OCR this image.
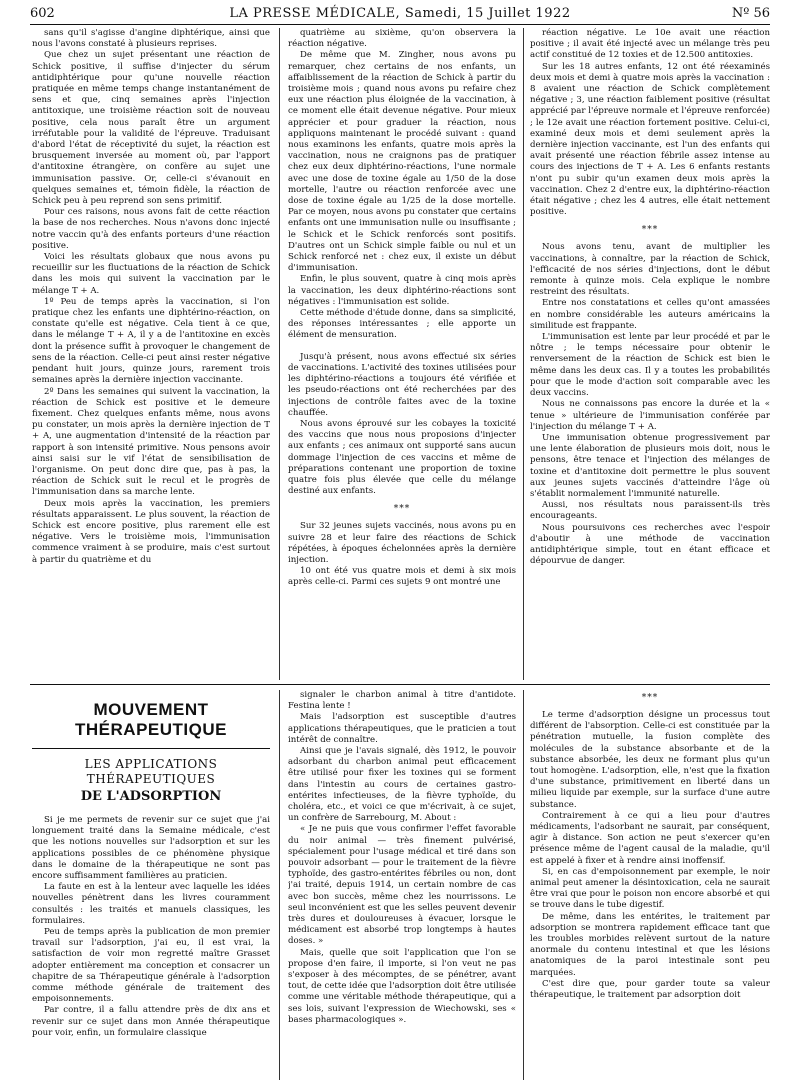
602	LA PRESSE MÉDICALE, Samedi, 15 Juillet 1922	Nº 56

sans qu'il s'agisse d'angine diphtérique, ainsi que nous l'avons constaté à plusieurs reprises.

Que chez un sujet présentant une réaction de Schick positive, il suffise d'injecter du sérum antidiphtérique pour qu'une nouvelle réaction pratiquée en même temps change instantanément de sens et que, cinq semaines après l'injection antitoxique, une troisième réaction soit de nouveau positive, cela nous paraît être un argument irréfutable pour la validité de l'épreuve. Traduisant d'abord l'état de réceptivité du sujet, la réaction est brusquement inversée au moment où, par l'apport d'antitoxine étrangère, on confère au sujet une immunisation passive. Or, celle-ci s'évanouit en quelques semaines et, témoin fidèle, la réaction de Schick peu à peu reprend son sens primitif.

Pour ces raisons, nous avons fait de cette réaction la base de nos recherches. Nous n'avons donc injecté notre vaccin qu'à des enfants porteurs d'une réaction positive.

Voici les résultats globaux que nous avons pu recueillir sur les fluctuations de la réaction de Schick dans les mois qui suivent la vaccination par le mélange T + A.

1º Peu de temps après la vaccination, si l'on pratique chez les enfants une diphtérino-réaction, on constate qu'elle est négative. Cela tient à ce que, dans le mélange T + A, il y a de l'antitoxine en excès dont la présence suffit à provoquer le changement de sens de la réaction. Celle-ci peut ainsi rester négative pendant huit jours, quinze jours, rarement trois semaines après la dernière injection vaccinante.

2º Dans les semaines qui suivent la vaccination, la réaction de Schick est positive et le demeure fixement. Chez quelques enfants même, nous avons pu constater, un mois après la dernière injection de T + A, une augmentation d'intensité de la réaction par rapport à son intensité primitive. Nous pensons avoir ainsi saisi sur le vif l'état de sensibilisation de l'organisme. On peut donc dire que, pas à pas, la réaction de Schick suit le recul et le progrès de l'immunisation dans sa marche lente.

Deux mois après la vaccination, les premiers résultats apparaissent. Le plus souvent, la réaction de Schick est encore positive, plus rarement elle est négative. Vers le troisième mois, l'immunisation commence vraiment à se produire, mais c'est surtout à partir du quatrième et du

quatrième au sixième, qu'on observera la réaction négative.

De même que M. Zingher, nous avons pu remarquer, chez certains de nos enfants, un affaiblissement de la réaction de Schick à partir du troisième mois ; quand nous avons pu refaire chez eux une réaction plus éloignée de la vaccination, à ce moment elle était devenue négative. Pour mieux apprécier et pour graduer la réaction, nous appliquons maintenant le procédé suivant : quand nous examinons les enfants, quatre mois après la vaccination, nous ne craignons pas de pratiquer chez eux deux diphtérino-réactions, l'une normale avec une dose de toxine égale au 1/50 de la dose mortelle, l'autre ou réaction renforcée avec une dose de toxine égale au 1/25 de la dose mortelle. Par ce moyen, nous avons pu constater que certains enfants ont une immunisation nulle ou insuffisante ; le Schick et le Schick renforcés sont positifs. D'autres ont un Schick simple faible ou nul et un Schick renforcé net : chez eux, il existe un début d'immunisation.

Enfin, le plus souvent, quatre à cinq mois après la vaccination, les deux diphtérino-réactions sont négatives : l'immunisation est solide.

Cette méthode d'étude donne, dans sa simplicité, des réponses intéressantes ; elle apporte un élément de mensuration.

Jusqu'à présent, nous avons effectué six séries de vaccinations. L'activité des toxines utilisées pour les diphtérino-réactions a toujours été vérifiée et les pseudo-réactions ont été recherchées par des injections de contrôle faites avec de la toxine chauffée.

Nous avons éprouvé sur les cobayes la toxicité des vaccins que nous nous proposions d'injecter aux enfants ; ces animaux ont supporté sans aucun dommage l'injection de ces vaccins et même de préparations contenant une proportion de toxine quatre fois plus élevée que celle du mélange destiné aux enfants.

***

Sur 32 jeunes sujets vaccinés, nous avons pu en suivre 28 et leur faire des réactions de Schick répétées, à époques échelonnées après la dernière injection.

10 ont été vus quatre mois et demi à six mois après celle-ci. Parmi ces sujets 9 ont montré une

réaction négative. Le 10e avait une réaction positive ; il avait été injecté avec un mélange très peu actif constitué de 12 toxies et de 12.500 antitoxies.

Sur les 18 autres enfants, 12 ont été réexaminés deux mois et demi à quatre mois après la vaccination : 8 avaient une réaction de Schick complètement négative ; 3, une réaction faiblement positive (résultat apprécié par l'épreuve normale et l'épreuve renforcée) ; le 12e avait une réaction fortement positive. Celui-ci, examiné deux mois et demi seulement après la dernière injection vaccinante, est l'un des enfants qui avait présenté une réaction fébrile assez intense au cours des injections de T + A. Les 6 enfants restants n'ont pu subir qu'un examen deux mois après la vaccination. Chez 2 d'entre eux, la diphtérino-réaction était négative ; chez les 4 autres, elle était nettement positive.

***

Nous avons tenu, avant de multiplier les vaccinations, à connaître, par la réaction de Schick, l'efficacité de nos séries d'injections, dont le début remonte à quinze mois. Cela explique le nombre restreint des résultats.

Entre nos constatations et celles qu'ont amassées en nombre considérable les auteurs américains la similitude est frappante.

L'immunisation est lente par leur procédé et par le nôtre ; le temps nécessaire pour obtenir le renversement de la réaction de Schick est bien le même dans les deux cas. Il y a toutes les probabilités pour que le mode d'action soit comparable avec les deux vaccins.

Nous ne connaissons pas encore la durée et la « tenue » ultérieure de l'immunisation conférée par l'injection du mélange T + A.

Une immunisation obtenue progressivement par une lente élaboration de plusieurs mois doit, nous le pensons, être tenace et l'injection des mélanges de toxine et d'antitoxine doit permettre le plus souvent aux jeunes sujets vaccinés d'atteindre l'âge où s'établit normalement l'immunité naturelle.

Aussi, nos résultats nous paraissent-ils très encourageants.

Nous poursuivons ces recherches avec l'espoir d'aboutir à une méthode de vaccination antidiphtérique simple, tout en étant efficace et dépourvue de danger.

MOUVEMENT THÉRAPEUTIQUE
LES APPLICATIONS THÉRAPEUTIQUES
DE L'ADSORPTION

Si je me permets de revenir sur ce sujet que j'ai longuement traité dans la Semaine médicale, c'est que les notions nouvelles sur l'adsorption et sur les applications possibles de ce phénomène physique dans le domaine de la thérapeutique ne sont pas encore suffisamment familières au praticien.

La faute en est à la lenteur avec laquelle les idées nouvelles pénètrent dans les livres couramment consultés : les traités et manuels classiques, les formulaires.

Peu de temps après la publication de mon premier travail sur l'adsorption, j'ai eu, il est vrai, la satisfaction de voir mon regretté maître Grasset adopter entièrement ma conception et consacrer un chapitre de sa Thérapeutique générale à l'adsorption comme méthode générale de traitement des empoisonnements.

Par contre, il a fallu attendre près de dix ans et revenir sur ce sujet dans mon Année thérapeutique pour voir, enfin, un formulaire classique

signaler le charbon animal à titre d'antidote. Festina lente !

Mais l'adsorption est susceptible d'autres applications thérapeutiques, que le praticien a tout intérêt de connaître.

Ainsi que je l'avais signalé, dès 1912, le pouvoir adsorbant du charbon animal peut efficacement être utilisé pour fixer les toxines qui se forment dans l'intestin au cours de certaines gastro-entérites infectieuses, de la fièvre typhoïde, du choléra, etc., et voici ce que m'écrivait, à ce sujet, un confrère de Sarrebourg, M. About :

« Je ne puis que vous confirmer l'effet favorable du noir animal — très finement pulvérisé, spécialement pour l'usage médical et tiré dans son pouvoir adsorbant — pour le traitement de la fièvre typhoïde, des gastro-entérites fébriles ou non, dont j'ai traité, depuis 1914, un certain nombre de cas avec bon succès, même chez les nourrissons. Le seul inconvénient est que les selles peuvent devenir très dures et douloureuses à évacuer, lorsque le médicament est absorbé trop longtemps à hautes doses. »

Mais, quelle que soit l'application que l'on se propose d'en faire, il importe, si l'on veut ne pas s'exposer à des mécomptes, de se pénétrer, avant tout, de cette idée que l'adsorption doit être utilisée comme une véritable méthode thérapeutique, qui a ses lois, suivant l'expression de Wiechowski, ses « bases pharmacologiques ».

***

Le terme d'adsorption désigne un processus tout différent de l'absorption. Celle-ci est constituée par la pénétration mutuelle, la fusion complète des molécules de la substance absorbante et de la substance absorbée, les deux ne formant plus qu'un tout homogène. L'adsorption, elle, n'est que la fixation d'une substance, primitivement en liberté dans un milieu liquide par exemple, sur la surface d'une autre substance.

Contrairement à ce qui a lieu pour d'autres médicaments, l'adsorbant ne saurait, par conséquent, agir à distance. Son action ne peut s'exercer qu'en présence même de l'agent causal de la maladie, qu'il est appelé à fixer et à rendre ainsi inoffensif.

Si, en cas d'empoisonnement par exemple, le noir animal peut amener la désintoxication, cela ne saurait être vrai que pour le poison non encore absorbé et qui se trouve dans le tube digestif.

De même, dans les entérites, le traitement par adsorption se montrera rapidement efficace tant que les troubles morbides relèvent surtout de la nature anormale du contenu intestinal et que les lésions anatomiques de la paroi intestinale sont peu marquées.

C'est dire que, pour garder toute sa valeur thérapeutique, le traitement par adsorption doit
